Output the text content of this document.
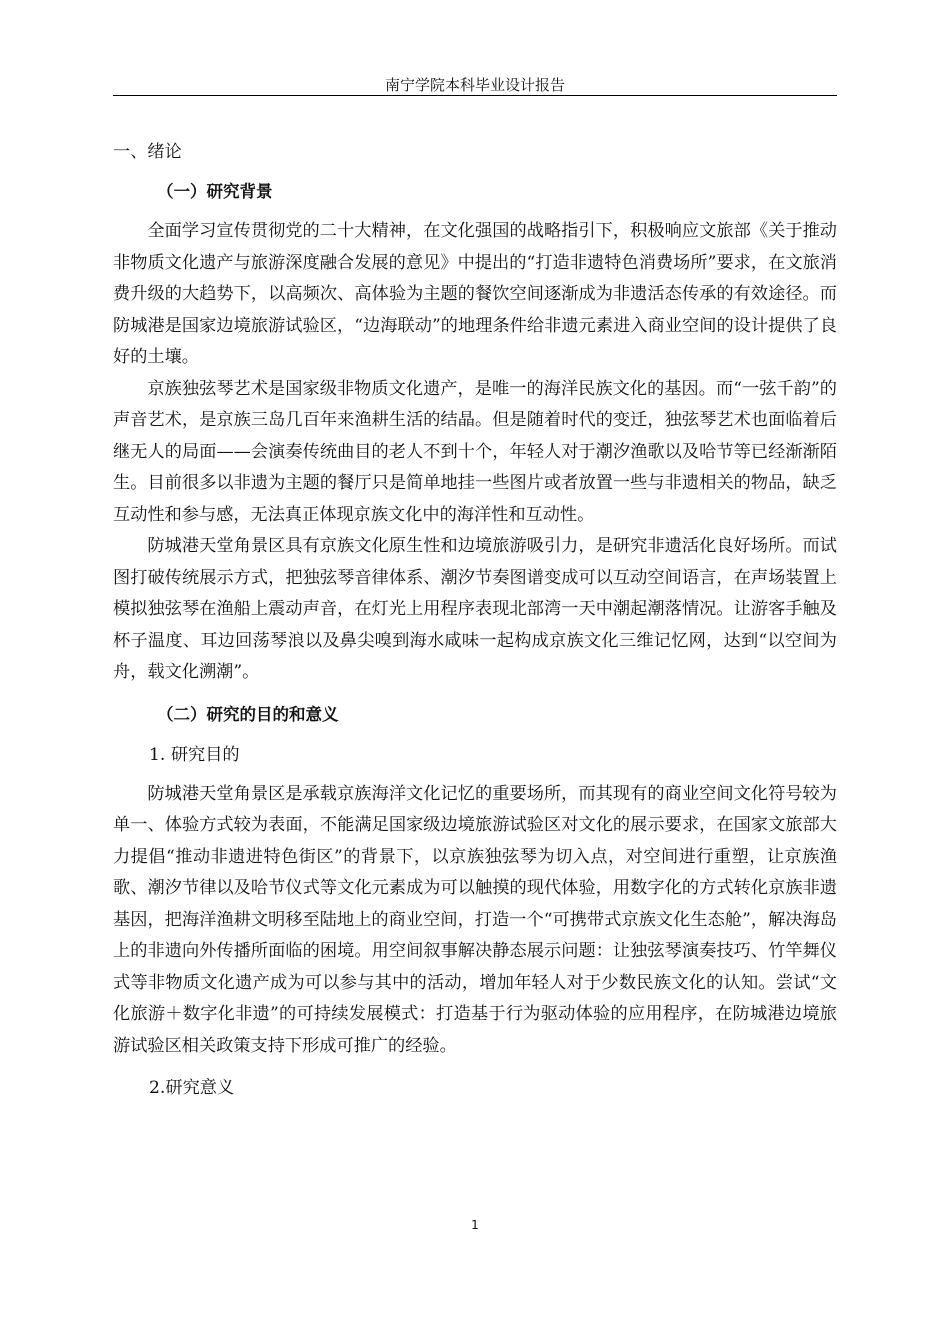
南宁学院本科毕业设计报告
一、绪论
（一）研究背景

全面学习宣传贯彻党的二十大精神，在文化强国的战略指引下，积极响应文旅部《关于推动非物质文化遗产与旅游深度融合发展的意见》中提出的“打造非遗特色消费场所”要求，在文旅消费升级的大趋势下，以高频次、高体验为主题的餐饮空间逐渐成为非遗活态传承的有效途径。而防城港是国家边境旅游试验区，“边海联动”的地理条件给非遗元素进入商业空间的设计提供了良好的土壤。

京族独弦琴艺术是国家级非物质文化遗产，是唯一的海洋民族文化的基因。而“一弦千韵”的声音艺术，是京族三岛几百年来渔耕生活的结晶。但是随着时代的变迁，独弦琴艺术也面临着后继无人的局面——会演奏传统曲目的老人不到十个，年轻人对于潮汐渔歌以及哈节等已经渐渐陌生。目前很多以非遗为主题的餐厅只是简单地挂一些图片或者放置一些与非遗相关的物品，缺乏互动性和参与感，无法真正体现京族文化中的海洋性和互动性。

防城港天堂角景区具有京族文化原生性和边境旅游吸引力，是研究非遗活化良好场所。而试图打破传统展示方式，把独弦琴音律体系、潮汐节奏图谱变成可以互动空间语言，在声场装置上模拟独弦琴在渔船上震动声音，在灯光上用程序表现北部湾一天中潮起潮落情况。让游客手触及杯子温度、耳边回荡琴浪以及鼻尖嗅到海水咸味一起构成京族文化三维记忆网，达到“以空间为舟，载文化溯潮”。

（二）研究的目的和意义
1. 研究目的

防城港天堂角景区是承载京族海洋文化记忆的重要场所，而其现有的商业空间文化符号较为单一、体验方式较为表面，不能满足国家级边境旅游试验区对文化的展示要求，在国家文旅部大力提倡“推动非遗进特色街区”的背景下，以京族独弦琴为切入点，对空间进行重塑，让京族渔歌、潮汐节律以及哈节仪式等文化元素成为可以触摸的现代体验，用数字化的方式转化京族非遗基因，把海洋渔耕文明移至陆地上的商业空间，打造一个“可携带式京族文化生态舱”，解决海岛上的非遗向外传播所面临的困境。用空间叙事解决静态展示问题：让独弦琴演奏技巧、竹竿舞仪式等非物质文化遗产成为可以参与其中的活动，增加年轻人对于少数民族文化的认知。尝试“文化旅游＋数字化非遗”的可持续发展模式：打造基于行为驱动体验的应用程序，在防城港边境旅游试验区相关政策支持下形成可推广的经验。

2.研究意义
1
